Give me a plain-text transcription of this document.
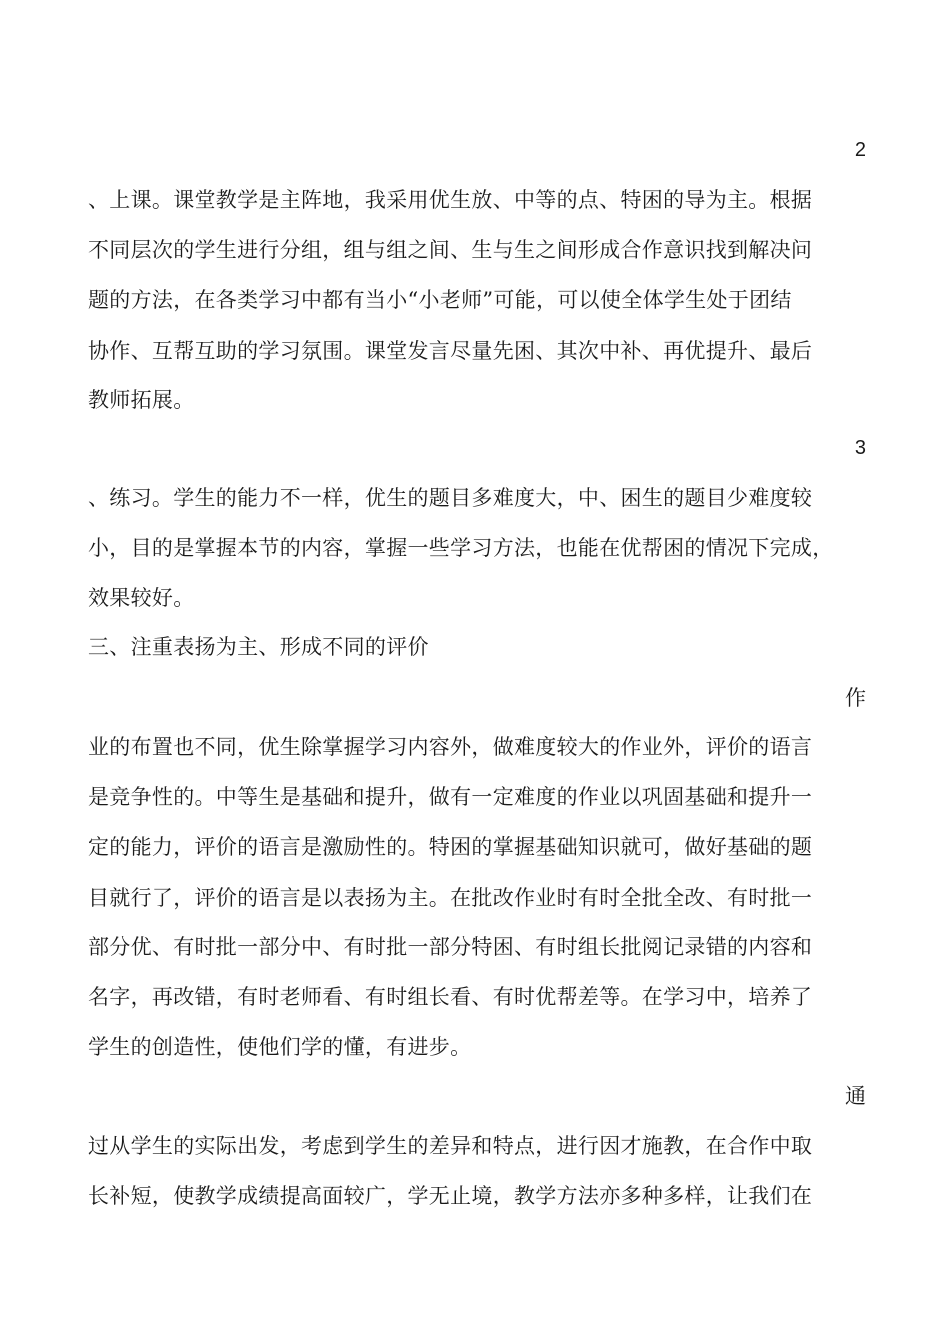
2
、上课。课堂教学是主阵地，我采用优生放、中等的点、特困的导为主。根据
不同层次的学生进行分组，组与组之间、生与生之间形成合作意识找到解决问
题的方法，在各类学习中都有当小“小老师”可能，可以使全体学生处于团结
协作、互帮互助的学习氛围。课堂发言尽量先困、其次中补、再优提升、最后
教师拓展。
3
、练习。学生的能力不一样，优生的题目多难度大，中、困生的题目少难度较
小，目的是掌握本节的内容，掌握一些学习方法，也能在优帮困的情况下完成，
效果较好。
三、注重表扬为主、形成不同的评价
作
业的布置也不同，优生除掌握学习内容外，做难度较大的作业外，评价的语言
是竞争性的。中等生是基础和提升，做有一定难度的作业以巩固基础和提升一
定的能力，评价的语言是激励性的。特困的掌握基础知识就可，做好基础的题
目就行了，评价的语言是以表扬为主。在批改作业时有时全批全改、有时批一
部分优、有时批一部分中、有时批一部分特困、有时组长批阅记录错的内容和
名字，再改错，有时老师看、有时组长看、有时优帮差等。在学习中，培养了
学生的创造性，使他们学的懂，有进步。
通
过从学生的实际出发，考虑到学生的差异和特点，进行因才施教，在合作中取
长补短，使教学成绩提高面较广，学无止境，教学方法亦多种多样，让我们在
